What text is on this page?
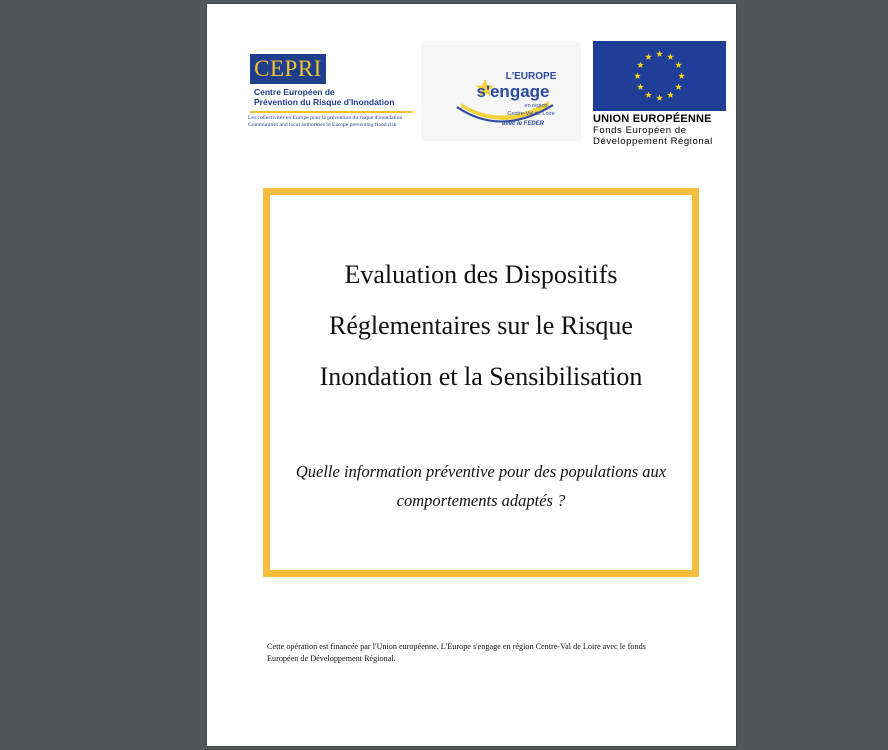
CEPRI
Centre Européen de
Prévention du Risque d'Inondation
Les collectivités en Europe pour la prévention du risque d'inondation
Communities and local authorities in Europe preventing flood risk
L'EUROPE
s'engage
en région
Centre-Val de Loire
avec le FEDER	UNION EUROPÉENNE
Fonds Européen de
Développement Régional
Evaluation des Dispositifs
Réglementaires sur le Risque
Inondation et la Sensibilisation
Quelle information préventive pour des populations aux
comportements adaptés ?
Cette opération est financée par l'Union européenne. L'Europe s'engage en région Centre-Val de Loire avec le fonds
Européen de Développement Régional.
